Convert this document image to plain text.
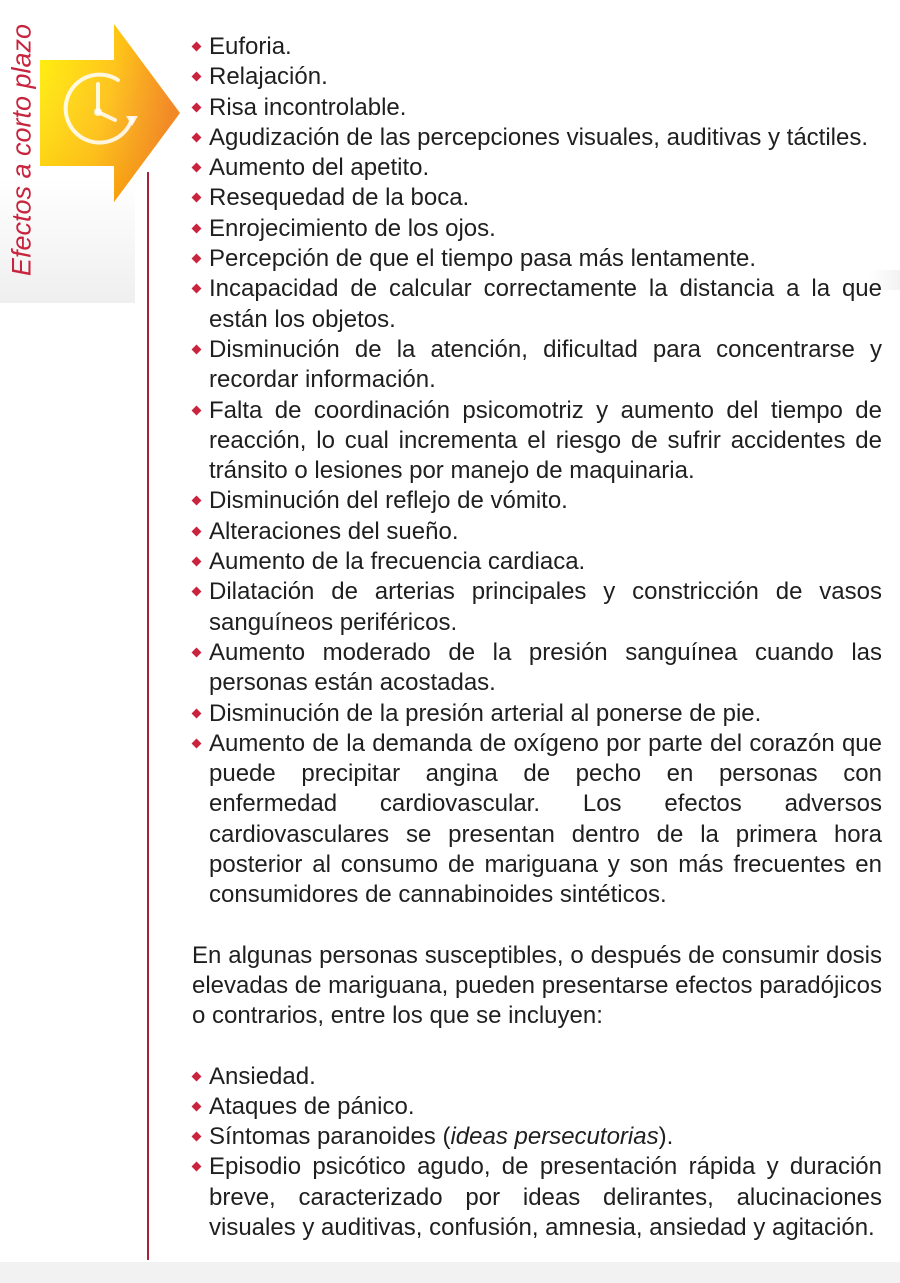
Efectos a corto plazo	Euforia.
Relajación.
Risa incontrolable.
Agudización de las percepciones visuales, auditivas y táctiles.
Aumento del apetito.
Resequedad de la boca.
Enrojecimiento de los ojos.
Percepción de que el tiempo pasa más lentamente.
Incapacidad de calcular correctamente la distancia a la que están los objetos.
Disminución de la atención, dificultad para concentrarse y recordar información.
Falta de coordinación psicomotriz y aumento del tiempo de reacción, lo cual incrementa el riesgo de sufrir accidentes de tránsito o lesiones por manejo de maquinaria.
Disminución del reflejo de vómito.
Alteraciones del sueño.
Aumento de la frecuencia cardiaca.
Dilatación de arterias principales y constricción de vasos sanguíneos periféricos.
Aumento moderado de la presión sanguínea cuando las personas están acostadas.
Disminución de la presión arterial al ponerse de pie.
Aumento de la demanda de oxígeno por parte del corazón que puede precipitar angina de pecho en personas con enfermedad cardiovascular. Los efectos adversos cardiovasculares se presentan dentro de la primera hora posterior al consumo de mariguana y son más frecuentes en consumidores de cannabinoides sintéticos.

En algunas personas susceptibles, o después de consumir dosis elevadas de mariguana, pueden presentarse efectos paradójicos o contrarios, entre los que se incluyen:

Ansiedad.
Ataques de pánico.
Síntomas paranoides (ideas persecutorias).
Episodio psicótico agudo, de presentación rápida y duración breve, caracterizado por ideas delirantes, alucinaciones visuales y auditivas, confusión, amnesia, ansiedad y agitación.
